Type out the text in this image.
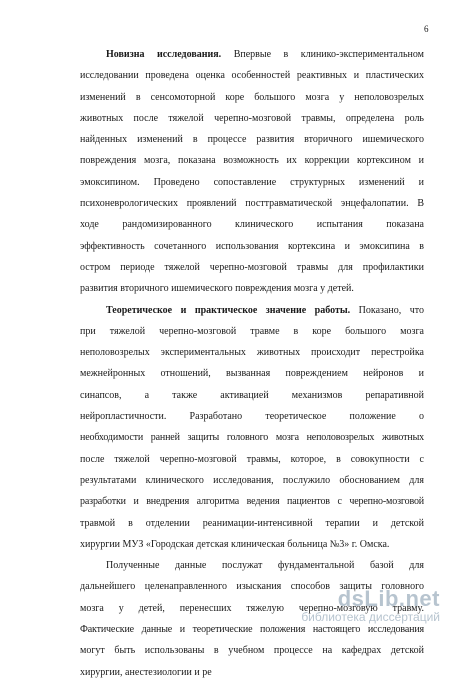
6

Новизна исследования. Впервые в клинико-экспериментальном
исследовании проведена оценка особенностей реактивных и пластических
изменений в сенсомоторной коре большого мозга у неполовозрелых
животных после тяжелой черепно-мозговой травмы, определена роль
найденных изменений в процессе развития вторичного ишемического
повреждения мозга, показана возможность их коррекции кортексином и
эмоксипином. Проведено сопоставление структурных изменений и
психоневрологических проявлений посттравматической энцефалопатии. В
ходе рандомизированного клинического испытания показана
эффективность сочетанного использования кортексина и эмоксипина в
остром периоде тяжелой черепно-мозговой травмы для профилактики
развития вторичного ишемического повреждения мозга у детей.

Теоретическое и практическое значение работы. Показано, что
при тяжелой черепно-мозговой травме в коре большого мозга
неполовозрелых экспериментальных животных происходит перестройка
межнейронных отношений, вызванная повреждением нейронов и
синапсов, а также активацией механизмов репаративной
нейропластичности. Разработано теоретическое положение о
необходимости ранней защиты головного мозга неполовозрелых животных
после тяжелой черепно-мозговой травмы, которое, в совокупности с
результатами клинического исследования, послужило обоснованием для
разработки и внедрения алгоритма ведения пациентов с черепно-мозговой
травмой в отделении реанимации-интенсивной терапии и детской
хирургии МУЗ «Городская детская клиническая больница №3» г. Омска.

Полученные данные послужат фундаментальной базой для
дальнейшего целенаправленного изыскания способов защиты головного
мозга у детей, перенесших тяжелую черепно-мозговую травму.
Фактические данные и теоретические положения настоящего исследования
могут быть использованы в учебном процессе на кафедрах детской
хирургии, анестезиологии и ре

dsLib.net
библиотека диссертаций
